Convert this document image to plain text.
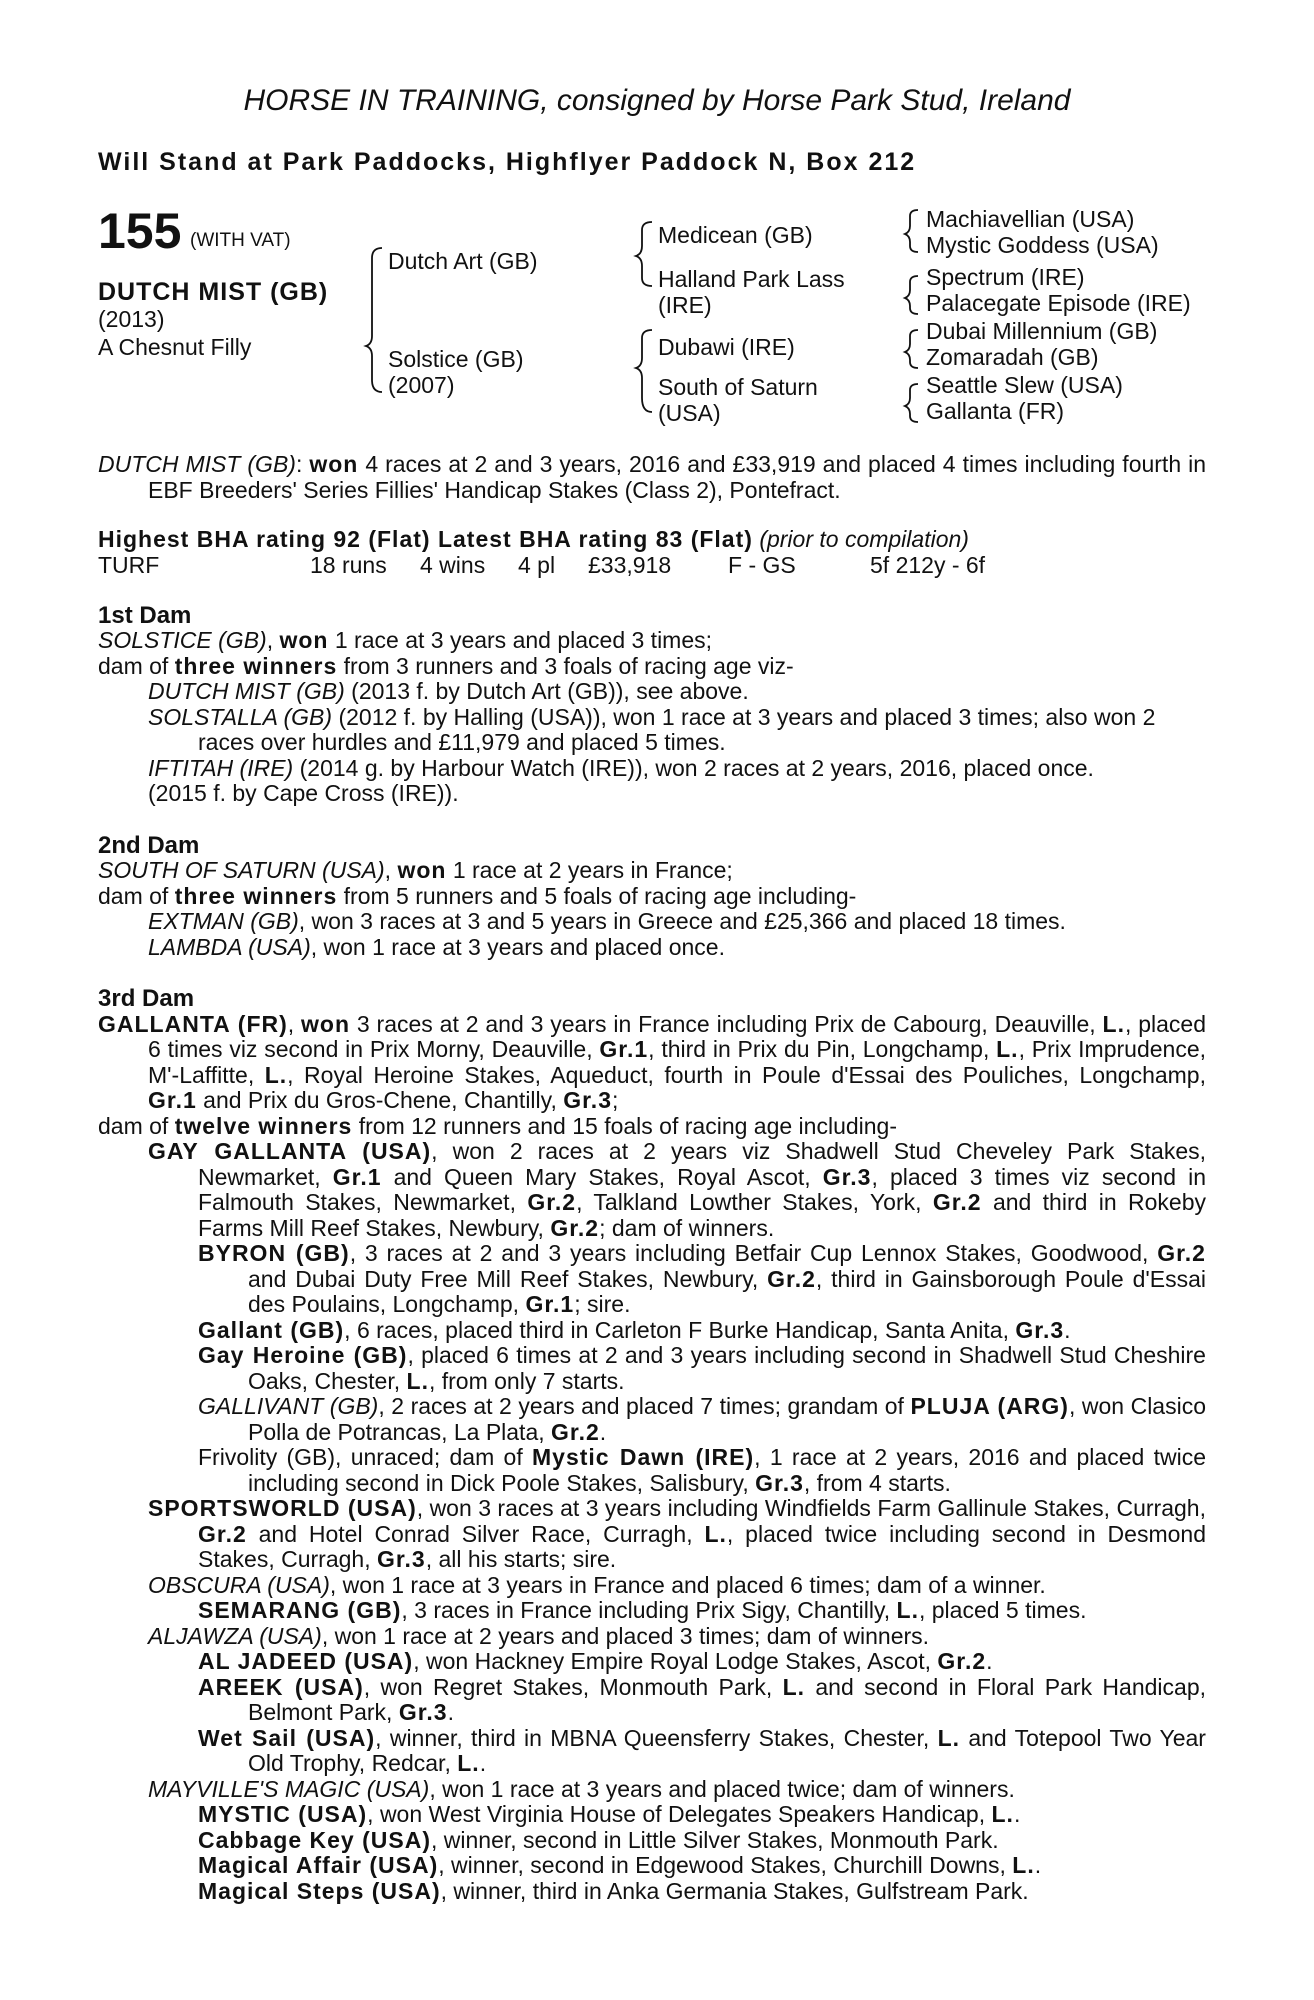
HORSE IN TRAINING, consigned by Horse Park Stud, Ireland
Will Stand at Park Paddocks, Highflyer Paddock N, Box 212
155 (WITH VAT)
DUTCH MIST (GB)
(2013)
A Chesnut Filly
Dutch Art (GB)
Solstice (GB)
(2007)
Medicean (GB)
Halland Park Lass
(IRE)
Dubawi (IRE)
South of Saturn
(USA)
Machiavellian (USA)
Mystic Goddess (USA)
Spectrum (IRE)
Palacegate Episode (IRE)
Dubai Millennium (GB)
Zomaradah (GB)
Seattle Slew (USA)
Gallanta (FR)
DUTCH MIST (GB): won 4 races at 2 and 3 years, 2016 and £33,919 and placed 4 times including fourth in EBF Breeders' Series Fillies' Handicap Stakes (Class 2), Pontefract.
Highest BHA rating 92 (Flat) Latest BHA rating 83 (Flat) (prior to compilation)
TURF	18 runs 4 wins 4 pl £33,918 F - GS	5f 212y - 6f
1st Dam
SOLSTICE (GB), won 1 race at 3 years and placed 3 times;
dam of three winners from 3 runners and 3 foals of racing age viz-
DUTCH MIST (GB) (2013 f. by Dutch Art (GB)), see above.
SOLSTALLA (GB) (2012 f. by Halling (USA)), won 1 race at 3 years and placed 3 times; also won 2 races over hurdles and £11,979 and placed 5 times.
IFTITAH (IRE) (2014 g. by Harbour Watch (IRE)), won 2 races at 2 years, 2016, placed once.
(2015 f. by Cape Cross (IRE)).
2nd Dam
SOUTH OF SATURN (USA), won 1 race at 2 years in France;
dam of three winners from 5 runners and 5 foals of racing age including-
EXTMAN (GB), won 3 races at 3 and 5 years in Greece and £25,366 and placed 18 times.
LAMBDA (USA), won 1 race at 3 years and placed once.
3rd Dam
GALLANTA (FR), won 3 races at 2 and 3 years in France including Prix de Cabourg, Deauville, L., placed 6 times viz second in Prix Morny, Deauville, Gr.1, third in Prix du Pin, Longchamp, L., Prix Imprudence, M'-Laffitte, L., Royal Heroine Stakes, Aqueduct, fourth in Poule d'Essai des Pouliches, Longchamp, Gr.1 and Prix du Gros-Chene, Chantilly, Gr.3;
dam of twelve winners from 12 runners and 15 foals of racing age including-
GAY GALLANTA (USA), won 2 races at 2 years viz Shadwell Stud Cheveley Park Stakes, Newmarket, Gr.1 and Queen Mary Stakes, Royal Ascot, Gr.3, placed 3 times viz second in Falmouth Stakes, Newmarket, Gr.2, Talkland Lowther Stakes, York, Gr.2 and third in Rokeby Farms Mill Reef Stakes, Newbury, Gr.2; dam of winners.
BYRON (GB), 3 races at 2 and 3 years including Betfair Cup Lennox Stakes, Goodwood, Gr.2 and Dubai Duty Free Mill Reef Stakes, Newbury, Gr.2, third in Gainsborough Poule d'Essai des Poulains, Longchamp, Gr.1; sire.
Gallant (GB), 6 races, placed third in Carleton F Burke Handicap, Santa Anita, Gr.3.
Gay Heroine (GB), placed 6 times at 2 and 3 years including second in Shadwell Stud Cheshire Oaks, Chester, L., from only 7 starts.
GALLIVANT (GB), 2 races at 2 years and placed 7 times; grandam of PLUJA (ARG), won Clasico Polla de Potrancas, La Plata, Gr.2.
Frivolity (GB), unraced; dam of Mystic Dawn (IRE), 1 race at 2 years, 2016 and placed twice including second in Dick Poole Stakes, Salisbury, Gr.3, from 4 starts.
SPORTSWORLD (USA), won 3 races at 3 years including Windfields Farm Gallinule Stakes, Curragh, Gr.2 and Hotel Conrad Silver Race, Curragh, L., placed twice including second in Desmond Stakes, Curragh, Gr.3, all his starts; sire.
OBSCURA (USA), won 1 race at 3 years in France and placed 6 times; dam of a winner.
SEMARANG (GB), 3 races in France including Prix Sigy, Chantilly, L., placed 5 times.
ALJAWZA (USA), won 1 race at 2 years and placed 3 times; dam of winners.
AL JADEED (USA), won Hackney Empire Royal Lodge Stakes, Ascot, Gr.2.
AREEK (USA), won Regret Stakes, Monmouth Park, L. and second in Floral Park Handicap, Belmont Park, Gr.3.
Wet Sail (USA), winner, third in MBNA Queensferry Stakes, Chester, L. and Totepool Two Year Old Trophy, Redcar, L..
MAYVILLE'S MAGIC (USA), won 1 race at 3 years and placed twice; dam of winners.
MYSTIC (USA), won West Virginia House of Delegates Speakers Handicap, L..
Cabbage Key (USA), winner, second in Little Silver Stakes, Monmouth Park.
Magical Affair (USA), winner, second in Edgewood Stakes, Churchill Downs, L..
Magical Steps (USA), winner, third in Anka Germania Stakes, Gulfstream Park.
